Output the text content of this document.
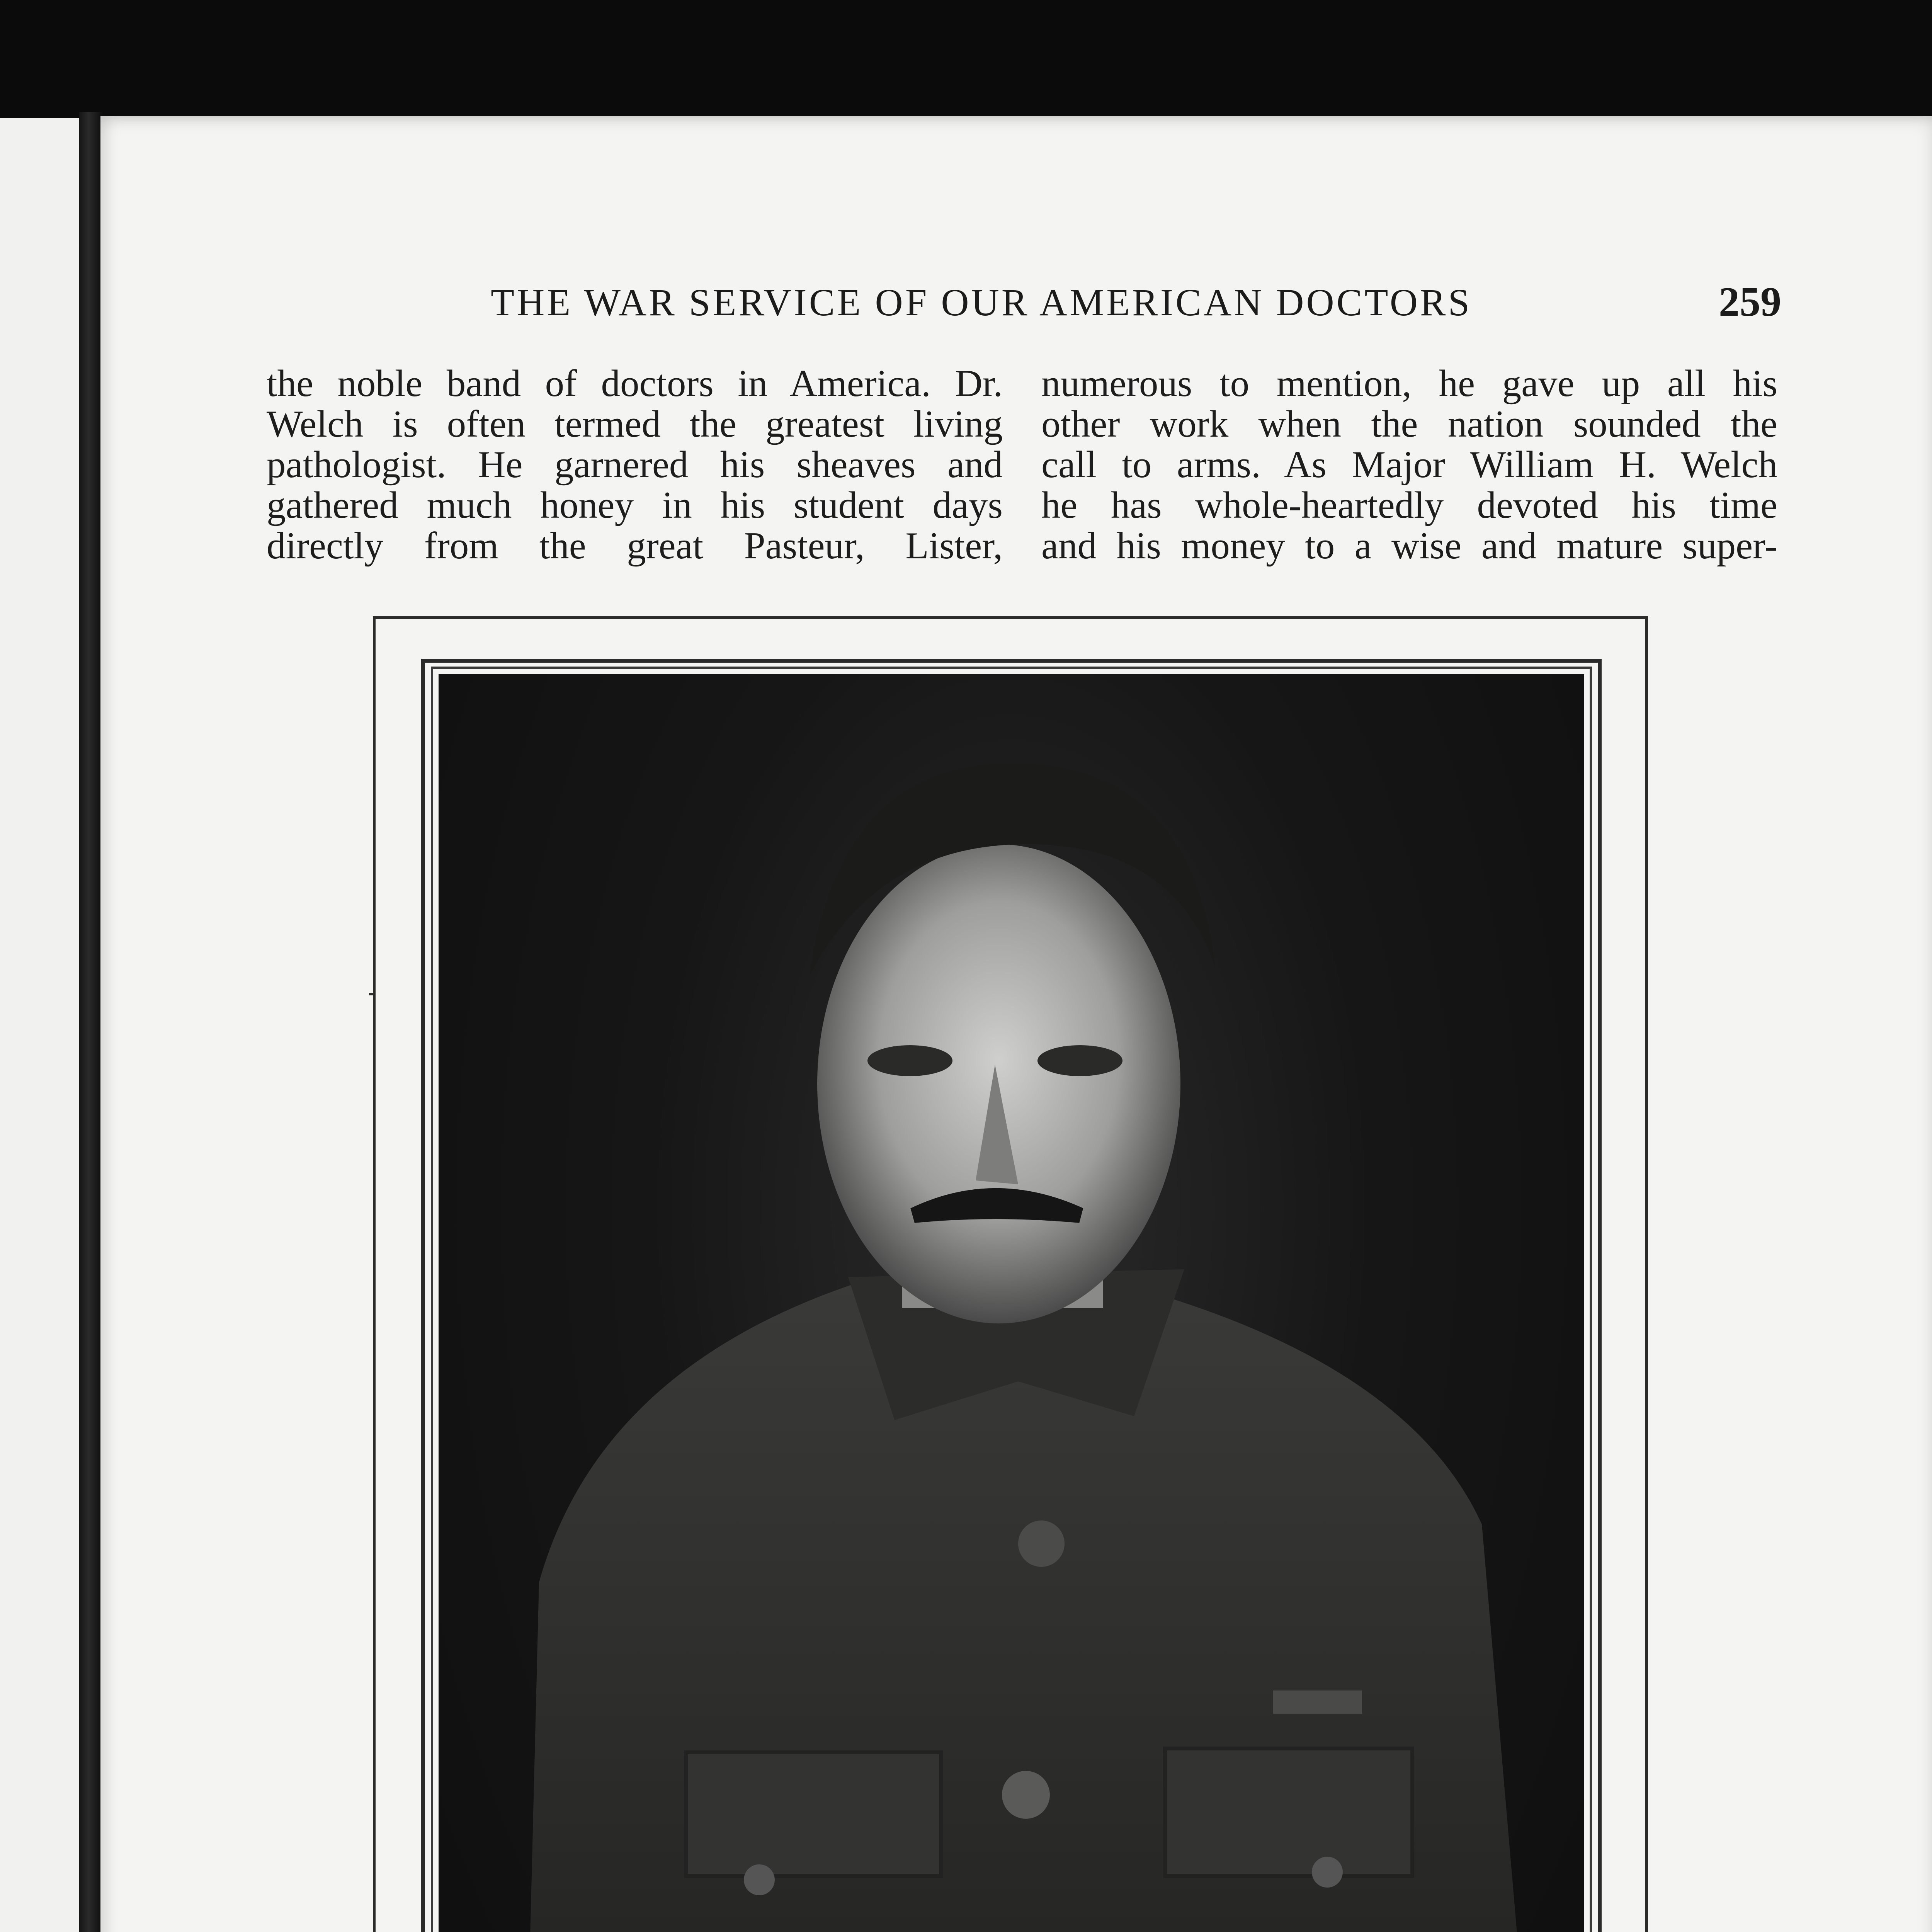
THE WAR SERVICE OF OUR AMERICAN DOCTORS	259
the noble band of doctors in America. Dr.
Welch is often termed the greatest living
pathologist. He garnered his sheaves and
gathered much honey in his student days
directly from the great Pasteur, Lister,
numerous to mention, he gave up all his
other work when the nation sounded the
call to arms. As Major William H. Welch
he has whole-heartedly devoted his time
and his money to a wise and mature super-
